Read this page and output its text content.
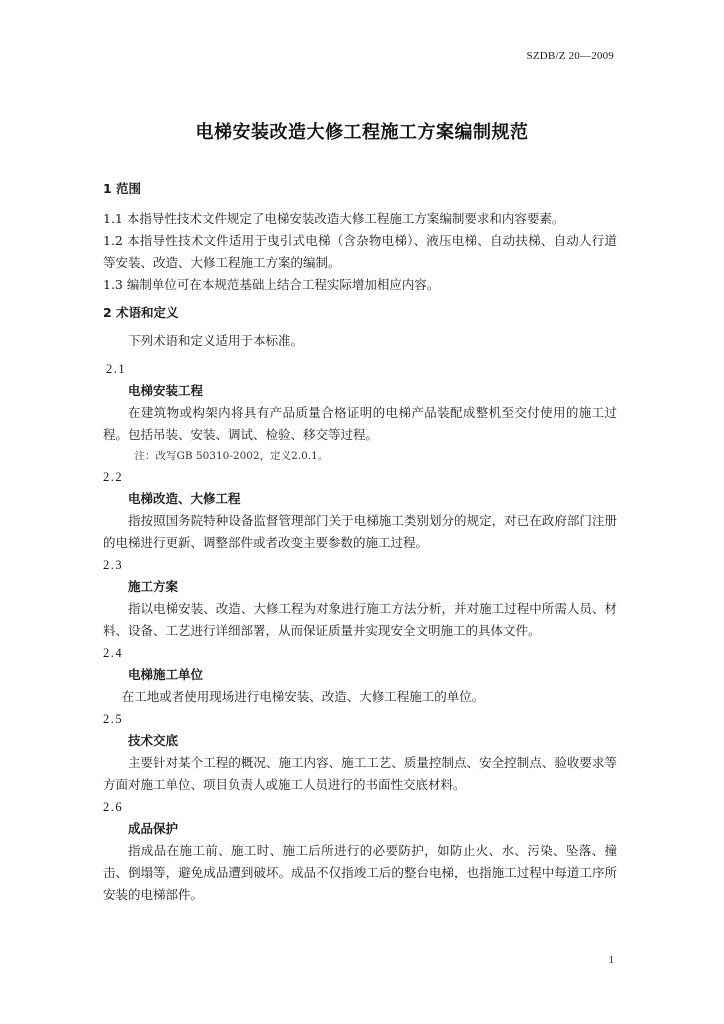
SZDB/Z 20—2009
电梯安装改造大修工程施工方案编制规范

1 范围

1.1 本指导性技术文件规定了电梯安装改造大修工程施工方案编制要求和内容要素。

1.2 本指导性技术文件适用于曳引式电梯（含杂物电梯）、液压电梯、自动扶梯、自动人行道等安装、改造、大修工程施工方案的编制。

1.3 编制单位可在本规范基础上结合工程实际增加相应内容。

2 术语和定义

下列术语和定义适用于本标准。

2.1

电梯安装工程

在建筑物或构架内将具有产品质量合格证明的电梯产品装配成整机至交付使用的施工过程。包括吊装、安装、调试、检验、移交等过程。

注：改写GB 50310-2002，定义2.0.1。

2.2

电梯改造、大修工程

指按照国务院特种设备监督管理部门关于电梯施工类别划分的规定，对已在政府部门注册的电梯进行更新、调整部件或者改变主要参数的施工过程。

2.3

施工方案

指以电梯安装、改造、大修工程为对象进行施工方法分析，并对施工过程中所需人员、材料、设备、工艺进行详细部署，从而保证质量并实现安全文明施工的具体文件。

2.4

电梯施工单位

在工地或者使用现场进行电梯安装、改造、大修工程施工的单位。

2.5

技术交底

主要针对某个工程的概况、施工内容、施工工艺、质量控制点、安全控制点、验收要求等方面对施工单位、项目负责人或施工人员进行的书面性交底材料。

2.6

成品保护

指成品在施工前、施工时、施工后所进行的必要防护，如防止火、水、污染、坠落、撞击、倒塌等，避免成品遭到破坏。成品不仅指竣工后的整台电梯，也指施工过程中每道工序所安装的电梯部件。

1
